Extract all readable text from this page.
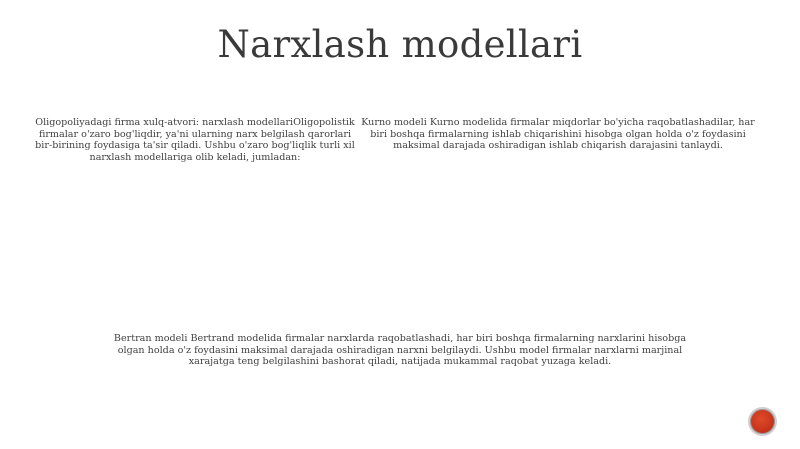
Narxlash modellari
Oligopoliyadagi firma xulq-atvori: narxlash modellariOligopolistik firmalar o'zaro bog'liqdir, ya'ni ularning narx belgilash qarorlari bir-birining foydasiga ta'sir qiladi. Ushbu o'zaro bog'liqlik turli xil narxlash modellariga olib keladi, jumladan:
Kurno modeli Kurno modelida firmalar miqdorlar bo'yicha raqobatlashadilar, har biri boshqa firmalarning ishlab chiqarishini hisobga olgan holda o'z foydasini maksimal darajada oshiradigan ishlab chiqarish darajasini tanlaydi.
Bertran modeli Bertrand modelida firmalar narxlarda raqobatlashadi, har biri boshqa firmalarning narxlarini hisobga olgan holda o'z foydasini maksimal darajada oshiradigan narxni belgilaydi. Ushbu model firmalar narxlarni marjinal xarajatga teng belgilashini bashorat qiladi, natijada mukammal raqobat yuzaga keladi.
